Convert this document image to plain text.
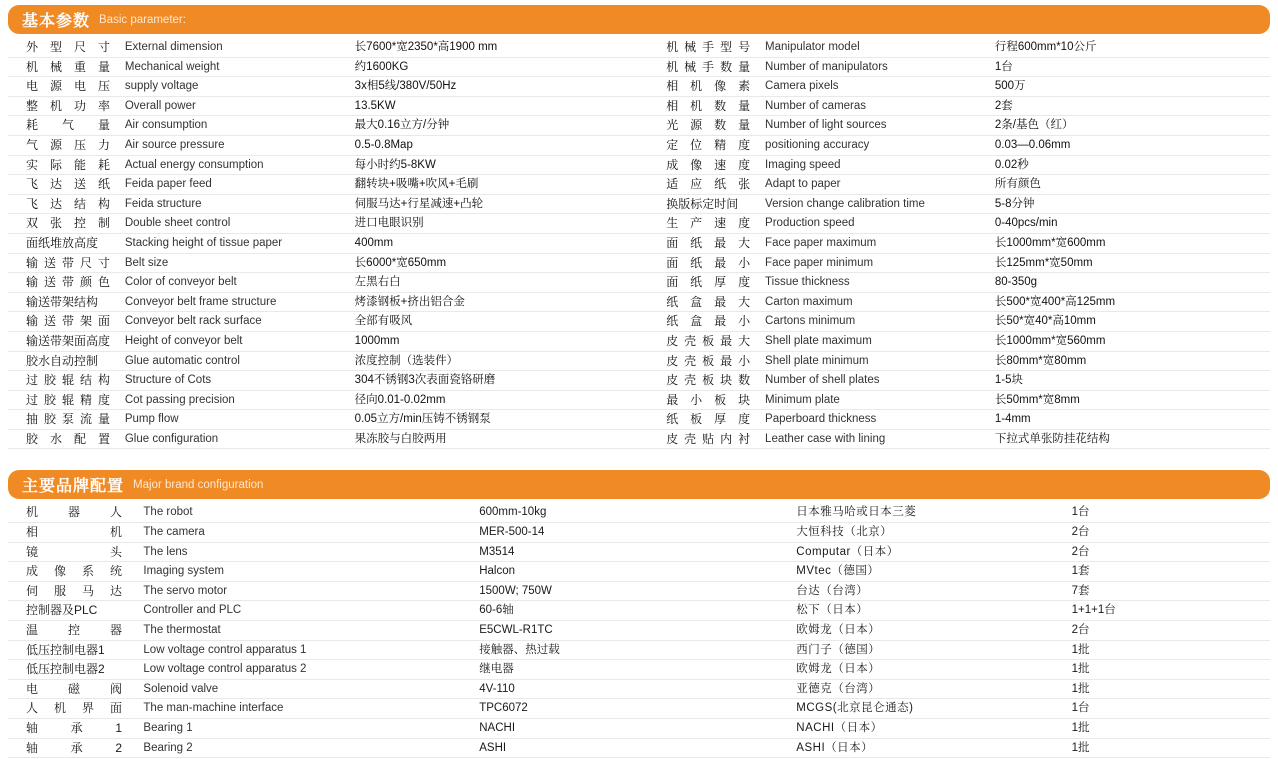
基本参数 Basic parameter:
外 型 尺 寸	External dimension	长7600*宽2350*高1900 mm		机 械 手 型 号	Manipulator model	行程600mm*10公斤

机 械 重 量	Mechanical weight	约1600KG		机 械 手 数 量	Number of manipulators	1台

电 源 电 压	supply voltage	3x相5线/380V/50Hz		相 机 像 素	Camera pixels	500万

整 机 功 率	Overall power	13.5KW		相 机 数 量	Number of cameras	2套

耗 气 量	Air consumption	最大0.16立方/分钟		光 源 数 量	Number of light sources	2条/基色（红）

气 源 压 力	Air source pressure	0.5-0.8Map		定 位 精 度	positioning accuracy	0.03—0.06mm

实 际 能 耗	Actual energy consumption	每小时约5-8KW		成 像 速 度	Imaging speed	0.02秒

飞 达 送 纸	Feida paper feed	翻转块+吸嘴+吹风+毛刷		适 应 纸 张	Adapt to paper	所有颜色

飞 达 结 构	Feida structure	伺服马达+行星减速+凸轮		换版标定时间	Version change calibration time	5-8分钟

双 张 控 制	Double sheet control	进口电眼识别		生 产 速 度	Production speed	0-40pcs/min

面纸堆放高度	Stacking height of tissue paper	400mm		面 纸 最 大	Face paper maximum	长1000mm*宽600mm

输 送 带 尺 寸	Belt size	长6000*宽650mm		面 纸 最 小	Face paper minimum	长125mm*宽50mm

输 送 带 颜 色	Color of conveyor belt	左黑右白		面 纸 厚 度	Tissue thickness	80-350g

输送带架结构	Conveyor belt frame structure	烤漆钢板+挤出铝合金		纸 盒 最 大	Carton maximum	长500*宽400*高125mm

输 送 带 架 面	Conveyor belt rack surface	全部有吸风		纸 盒 最 小	Cartons minimum	长50*宽40*高10mm

输送带架面高度	Height of conveyor belt	1000mm		皮 壳 板 最 大	Shell plate maximum	长1000mm*宽560mm

胶水自动控制	Glue automatic control	浓度控制（选装件）		皮 壳 板 最 小	Shell plate minimum	长80mm*宽80mm

过 胶 辊 结 构	Structure of Cots	304不锈钢3次表面瓷铬研磨		皮 壳 板 块 数	Number of shell plates	1-5块

过 胶 辊 精 度	Cot passing precision	径向0.01-0.02mm		最 小 板 块	Minimum plate	长50mm*宽8mm

抽 胶 泵 流 量	Pump flow	0.05立方/min压铸不锈钢泵		纸 板 厚 度	Paperboard thickness	1-4mm

胶 水 配 置	Glue configuration	果冻胶与白胶两用		皮 壳 贴 内 衬	Leather case with lining	下拉式单张防挂花结构
主要品牌配置 Major brand configuration
机 器 人	The robot	600mm-10kg	日本雅马哈或日本三菱	1台

相 机	The camera	MER-500-14	大恒科技（北京）	2台

镜 头	The lens	M3514	Computar（日本）	2台

成 像 系 统	Imaging system	Halcon	MVtec（德国）	1套

伺 服 马 达	The servo motor	1500W; 750W	台达（台湾）	7套

控制器及PLC	Controller and PLC	60-6轴	松下（日本）	1+1+1台

温 控 器	The thermostat	E5CWL-R1TC	欧姆龙（日本）	2台

低压控制电器1	Low voltage control apparatus 1	接触器、热过载	西门子（德国）	1批

低压控制电器2	Low voltage control apparatus 2	继电器	欧姆龙（日本）	1批

电 磁 阀	Solenoid valve	4V-110	亚德克（台湾）	1批

人 机 界 面	The man-machine interface	TPC6072	MCGS(北京昆仑通态)	1台

轴 承 1	Bearing 1	NACHI	NACHI（日本）	1批

轴 承 2	Bearing 2	ASHI	ASHI（日本）	1批
